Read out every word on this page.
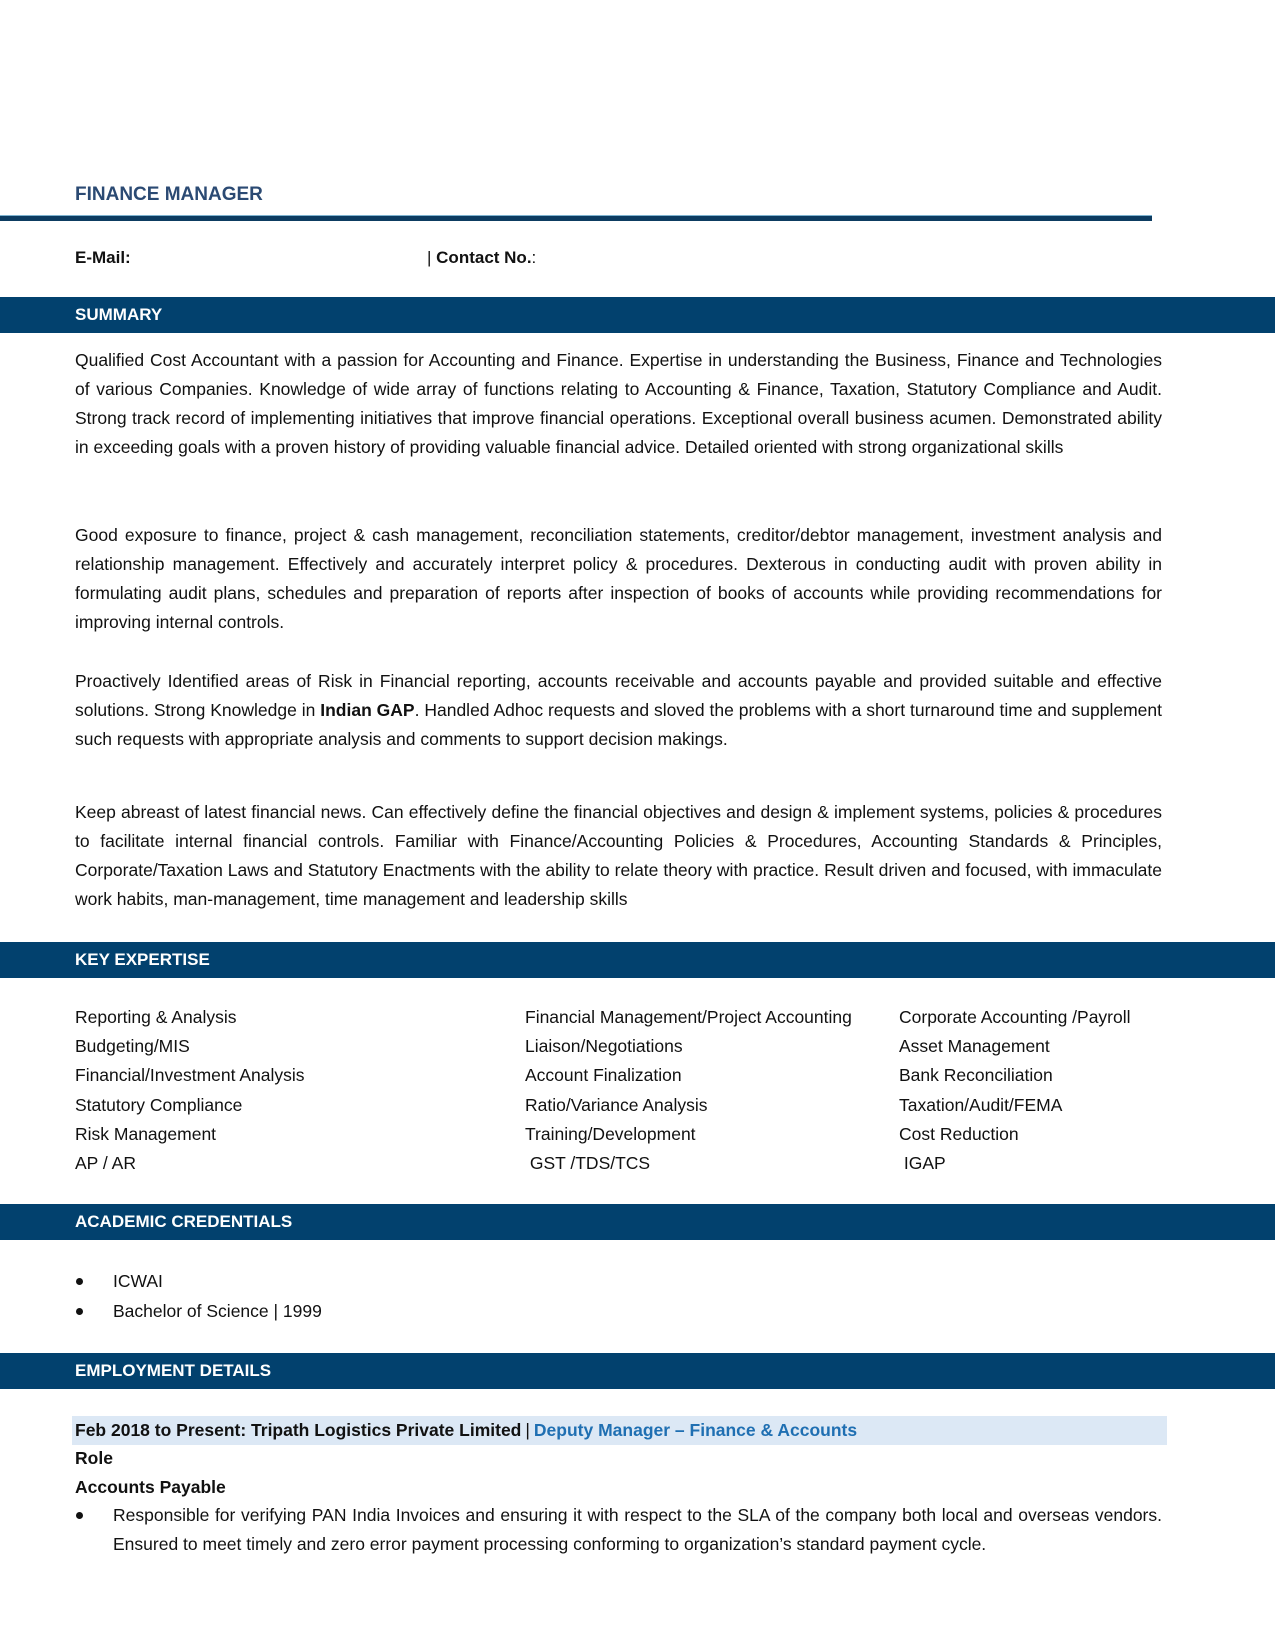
FINANCE MANAGER
E-Mail:	| Contact No.:
SUMMARY

Qualified Cost Accountant with a passion for Accounting and Finance. Expertise in understanding the Business, Finance and Technologies of various Companies. Knowledge of wide array of functions relating to Accounting & Finance, Taxation, Statutory Compliance and Audit. Strong track record of implementing initiatives that improve financial operations. Exceptional overall business acumen. Demonstrated ability in exceeding goals with a proven history of providing valuable financial advice. Detailed oriented with strong organizational skills

Good exposure to finance, project & cash management, reconciliation statements, creditor/debtor management, investment analysis and relationship management. Effectively and accurately interpret policy & procedures. Dexterous in conducting audit with proven ability in formulating audit plans, schedules and preparation of reports after inspection of books of accounts while providing recommendations for improving internal controls.

Proactively Identified areas of Risk in Financial reporting, accounts receivable and accounts payable and provided suitable and effective solutions. Strong Knowledge in Indian GAP. Handled Adhoc requests and sloved the problems with a short turnaround time and supplement such requests with appropriate analysis and comments to support decision makings.

Keep abreast of latest financial news. Can effectively define the financial objectives and design & implement systems, policies & procedures to facilitate internal financial controls. Familiar with Finance/Accounting Policies & Procedures, Accounting Standards & Principles, Corporate/Taxation Laws and Statutory Enactments with the ability to relate theory with practice. Result driven and focused, with immaculate work habits, man-management, time management and leadership skills

KEY EXPERTISE
Reporting & Analysis
Budgeting/MIS
Financial/Investment Analysis
Statutory Compliance
Risk Management
AP / AR
Financial Management/Project Accounting
Liaison/Negotiations
Account Finalization
Ratio/Variance Analysis
Training/Development
GST /TDS/TCS
Corporate Accounting /Payroll
Asset Management
Bank Reconciliation
Taxation/Audit/FEMA
Cost Reduction
IGAP
ACADEMIC CREDENTIALS
ICWAI
Bachelor of Science | 1999
EMPLOYMENT DETAILS
Feb 2018 to Present: Tripath Logistics Private Limited | Deputy Manager – Finance & Accounts
Role
Accounts Payable
Responsible for verifying PAN India Invoices and ensuring it with respect to the SLA of the company both local and overseas vendors. Ensured to meet timely and zero error payment processing conforming to organization’s standard payment cycle.
